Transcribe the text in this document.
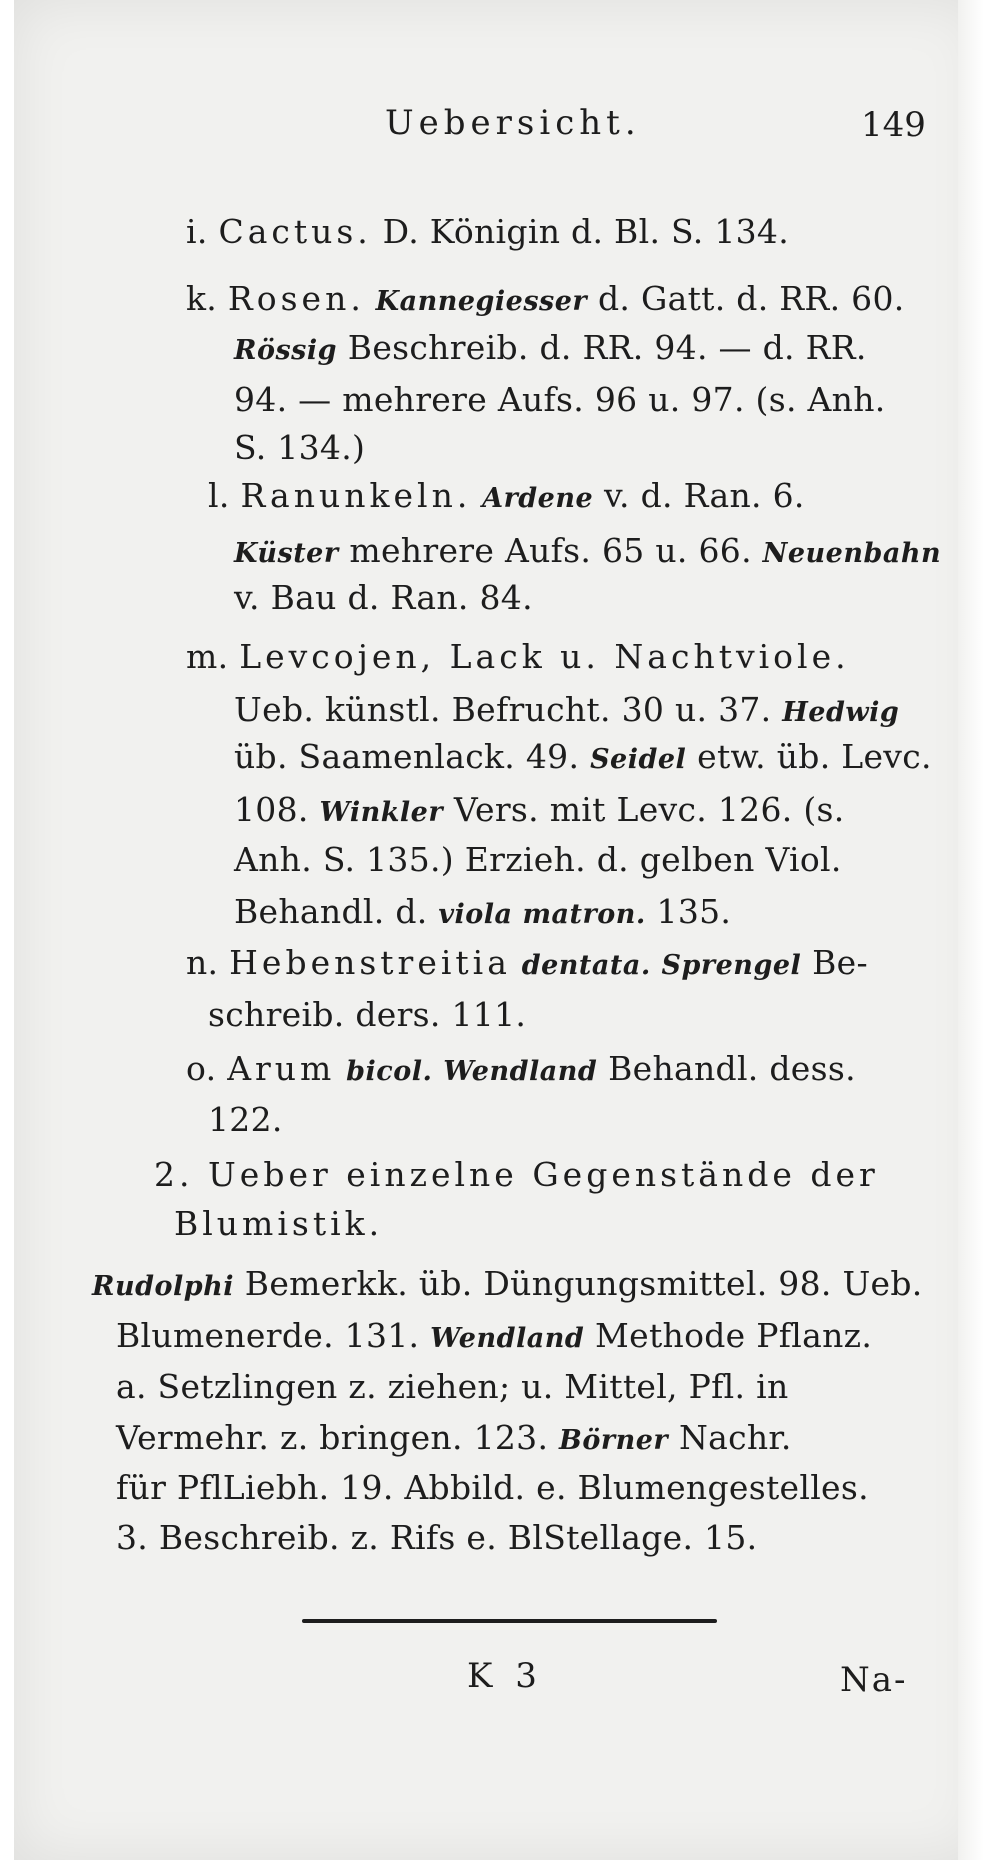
Uebersicht.	149
i. Cactus. D. Königin d. Bl. S. 134.
k. Rosen. Kannegiesser d. Gatt. d. RR. 60.
Rössig Beschreib. d. RR. 94. — d. RR.
94. — mehrere Aufs. 96 u. 97. (s. Anh.
S. 134.)
l. Ranunkeln. Ardene v. d. Ran. 6.
Küster mehrere Aufs. 65 u. 66. Neuenbahn
v. Bau d. Ran. 84.
m. Levcojen, Lack u. Nachtviole.
Ueb. künstl. Befrucht. 30 u. 37. Hedwig
üb. Saamenlack. 49. Seidel etw. üb. Levc.
108. Winkler Vers. mit Levc. 126. (s.
Anh. S. 135.) Erzieh. d. gelben Viol.
Behandl. d. viola matron. 135.
n. Hebenstreitia dentata. Sprengel Be-
schreib. ders. 111.
o. Arum bicol. Wendland Behandl. dess.
122.
2. Ueber einzelne Gegenstände der
Blumistik.
Rudolphi Bemerkk. üb. Düngungsmittel. 98. Ueb.
Blumenerde. 131. Wendland Methode Pflanz.
a. Setzlingen z. ziehen; u. Mittel, Pfl. in
Vermehr. z. bringen. 123. Börner Nachr.
für PflLiebh. 19. Abbild. e. Blumengestelles.
3. Beschreib. z. Rifs e. BlStellage. 15.
K 3	Na-
